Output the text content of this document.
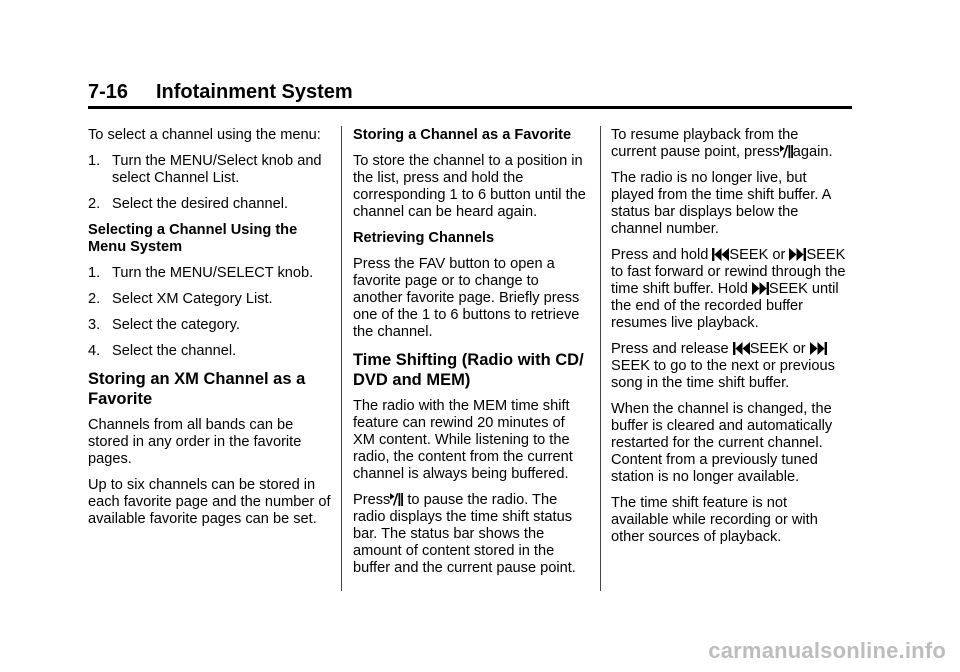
7-16 Infotainment System

To select a channel using the menu:

1. Turn the MENU/Select knob and select Channel List.
2. Select the desired channel.
Selecting a Channel Using the Menu System
1. Turn the MENU/SELECT knob.
2. Select XM Category List.
3. Select the category.
4. Select the channel.
Storing an XM Channel as a Favorite

Channels from all bands can be stored in any order in the favorite pages.

Up to six channels can be stored in each favorite page and the number of available favorite pages can be set.

Storing a Channel as a Favorite

To store the channel to a position in the list, press and hold the corresponding 1 to 6 button until the channel can be heard again.

Retrieving Channels

Press the FAV button to open a favorite page or to change to another favorite page. Briefly press one of the 1 to 6 buttons to retrieve the channel.

Time Shifting (Radio with CD/ DVD and MEM)

The radio with the MEM time shift feature can rewind 20 minutes of XM content. While listening to the radio, the content from the current channel is always being buffered.

Press to pause the radio. The radio displays the time shift status bar. The status bar shows the amount of content stored in the buffer and the current pause point.

To resume playback from the current pause point, press again.

The radio is no longer live, but played from the time shift buffer. A status bar displays below the channel number.

Press and hold SEEK or SEEK to fast forward or rewind through the time shift buffer. Hold SEEK until the end of the recorded buffer resumes live playback.

Press and release SEEK or SEEK to go to the next or previous song in the time shift buffer.

When the channel is changed, the buffer is cleared and automatically restarted for the current channel. Content from a previously tuned station is no longer available.

The time shift feature is not available while recording or with other sources of playback.

carmanualsonline.info
